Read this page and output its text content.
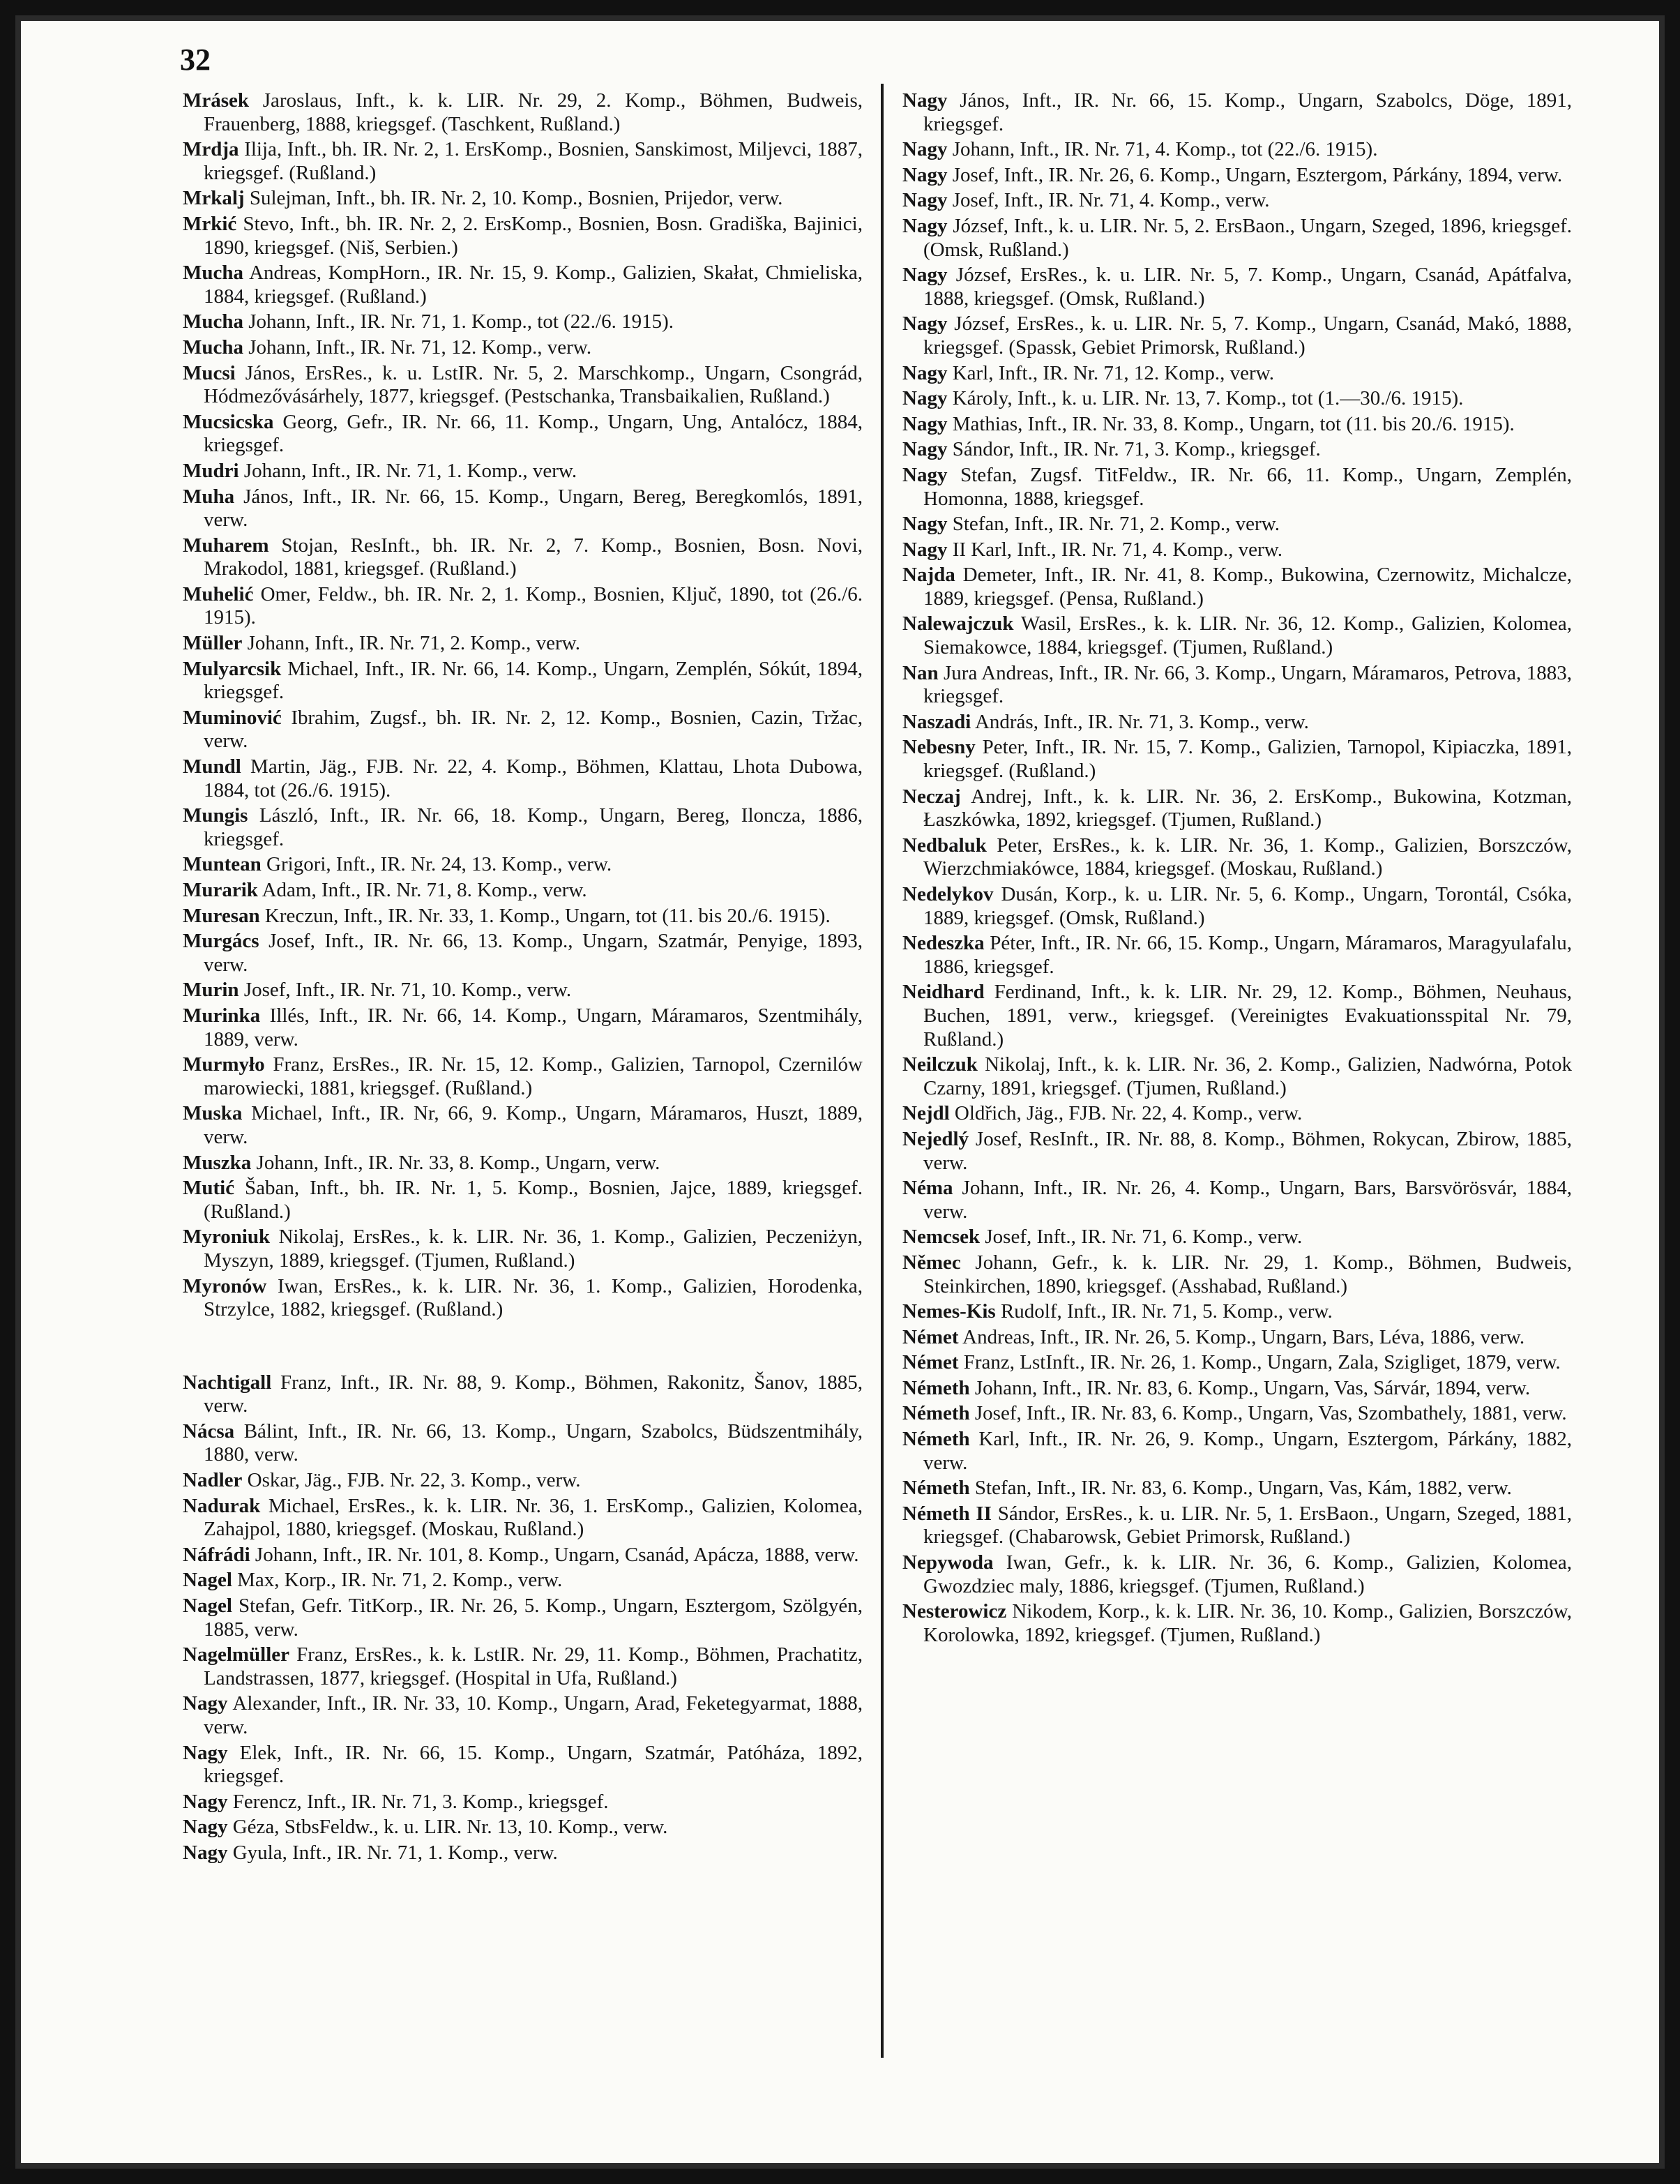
32
Mrásek Jaroslaus, Inft., k. k. LIR. Nr. 29, 2. Komp., Böhmen, Budweis, Frauenberg, 1888, kriegsgef. (Taschkent, Rußland.)
Mrdja Ilija, Inft., bh. IR. Nr. 2, 1. ErsKomp., Bosnien, Sanskimost, Miljevci, 1887, kriegsgef. (Rußland.)
Mrkalj Sulejman, Inft., bh. IR. Nr. 2, 10. Komp., Bosnien, Prijedor, verw.
Mrkić Stevo, Inft., bh. IR. Nr. 2, 2. ErsKomp., Bosnien, Bosn. Gradiška, Bajinici, 1890, kriegsgef. (Niš, Serbien.)
Mucha Andreas, KompHorn., IR. Nr. 15, 9. Komp., Galizien, Skałat, Chmieliska, 1884, kriegsgef. (Rußland.)
Mucha Johann, Inft., IR. Nr. 71, 1. Komp., tot (22./6. 1915).
Mucha Johann, Inft., IR. Nr. 71, 12. Komp., verw.
Mucsi János, ErsRes., k. u. LstIR. Nr. 5, 2. Marschkomp., Ungarn, Csongrád, Hódmezővásárhely, 1877, kriegsgef. (Pestschanka, Transbaikalien, Rußland.)
Mucsicska Georg, Gefr., IR. Nr. 66, 11. Komp., Ungarn, Ung, Antalócz, 1884, kriegsgef.
Mudri Johann, Inft., IR. Nr. 71, 1. Komp., verw.
Muha János, Inft., IR. Nr. 66, 15. Komp., Ungarn, Bereg, Beregkomlós, 1891, verw.
Muharem Stojan, ResInft., bh. IR. Nr. 2, 7. Komp., Bosnien, Bosn. Novi, Mrakodol, 1881, kriegsgef. (Rußland.)
Muhelić Omer, Feldw., bh. IR. Nr. 2, 1. Komp., Bosnien, Ključ, 1890, tot (26./6. 1915).
Müller Johann, Inft., IR. Nr. 71, 2. Komp., verw.
Mulyarcsik Michael, Inft., IR. Nr. 66, 14. Komp., Ungarn, Zemplén, Sókút, 1894, kriegsgef.
Muminović Ibrahim, Zugsf., bh. IR. Nr. 2, 12. Komp., Bosnien, Cazin, Tržac, verw.
Mundl Martin, Jäg., FJB. Nr. 22, 4. Komp., Böhmen, Klattau, Lhota Dubowa, 1884, tot (26./6. 1915).
Mungis László, Inft., IR. Nr. 66, 18. Komp., Ungarn, Bereg, Iloncza, 1886, kriegsgef.
Muntean Grigori, Inft., IR. Nr. 24, 13. Komp., verw.
Murarik Adam, Inft., IR. Nr. 71, 8. Komp., verw.
Muresan Kreczun, Inft., IR. Nr. 33, 1. Komp., Ungarn, tot (11. bis 20./6. 1915).
Murgács Josef, Inft., IR. Nr. 66, 13. Komp., Ungarn, Szatmár, Penyige, 1893, verw.
Murin Josef, Inft., IR. Nr. 71, 10. Komp., verw.
Murinka Illés, Inft., IR. Nr. 66, 14. Komp., Ungarn, Máramaros, Szentmihály, 1889, verw.
Murmyło Franz, ErsRes., IR. Nr. 15, 12. Komp., Galizien, Tarnopol, Czernilów marowiecki, 1881, kriegsgef. (Rußland.)
Muska Michael, Inft., IR. Nr, 66, 9. Komp., Ungarn, Máramaros, Huszt, 1889, verw.
Muszka Johann, Inft., IR. Nr. 33, 8. Komp., Ungarn, verw.
Mutić Šaban, Inft., bh. IR. Nr. 1, 5. Komp., Bosnien, Jajce, 1889, kriegsgef. (Rußland.)
Myroniuk Nikolaj, ErsRes., k. k. LIR. Nr. 36, 1. Komp., Galizien, Peczeniżyn, Myszyn, 1889, kriegsgef. (Tjumen, Rußland.)
Myronów Iwan, ErsRes., k. k. LIR. Nr. 36, 1. Komp., Galizien, Horodenka, Strzylce, 1882, kriegsgef. (Rußland.)
Nachtigall Franz, Inft., IR. Nr. 88, 9. Komp., Böhmen, Rakonitz, Šanov, 1885, verw.
Nácsa Bálint, Inft., IR. Nr. 66, 13. Komp., Ungarn, Szabolcs, Büdszentmihály, 1880, verw.
Nadler Oskar, Jäg., FJB. Nr. 22, 3. Komp., verw.
Nadurak Michael, ErsRes., k. k. LIR. Nr. 36, 1. ErsKomp., Galizien, Kolomea, Zahajpol, 1880, kriegsgef. (Moskau, Rußland.)
Náfrádi Johann, Inft., IR. Nr. 101, 8. Komp., Ungarn, Csanád, Apácza, 1888, verw.
Nagel Max, Korp., IR. Nr. 71, 2. Komp., verw.
Nagel Stefan, Gefr. TitKorp., IR. Nr. 26, 5. Komp., Ungarn, Esztergom, Szölgyén, 1885, verw.
Nagelmüller Franz, ErsRes., k. k. LstIR. Nr. 29, 11. Komp., Böhmen, Prachatitz, Landstrassen, 1877, kriegsgef. (Hospital in Ufa, Rußland.)
Nagy Alexander, Inft., IR. Nr. 33, 10. Komp., Ungarn, Arad, Feketegyarmat, 1888, verw.
Nagy Elek, Inft., IR. Nr. 66, 15. Komp., Ungarn, Szatmár, Patóháza, 1892, kriegsgef.
Nagy Ferencz, Inft., IR. Nr. 71, 3. Komp., kriegsgef.
Nagy Géza, StbsFeldw., k. u. LIR. Nr. 13, 10. Komp., verw.
Nagy Gyula, Inft., IR. Nr. 71, 1. Komp., verw.
Nagy János, Inft., IR. Nr. 66, 15. Komp., Ungarn, Szabolcs, Döge, 1891, kriegsgef.
Nagy Johann, Inft., IR. Nr. 71, 4. Komp., tot (22./6. 1915).
Nagy Josef, Inft., IR. Nr. 26, 6. Komp., Ungarn, Esztergom, Párkány, 1894, verw.
Nagy Josef, Inft., IR. Nr. 71, 4. Komp., verw.
Nagy József, Inft., k. u. LIR. Nr. 5, 2. ErsBaon., Ungarn, Szeged, 1896, kriegsgef. (Omsk, Rußland.)
Nagy József, ErsRes., k. u. LIR. Nr. 5, 7. Komp., Ungarn, Csanád, Apátfalva, 1888, kriegsgef. (Omsk, Rußland.)
Nagy József, ErsRes., k. u. LIR. Nr. 5, 7. Komp., Ungarn, Csanád, Makó, 1888, kriegsgef. (Spassk, Gebiet Primorsk, Rußland.)
Nagy Karl, Inft., IR. Nr. 71, 12. Komp., verw.
Nagy Károly, Inft., k. u. LIR. Nr. 13, 7. Komp., tot (1.—30./6. 1915).
Nagy Mathias, Inft., IR. Nr. 33, 8. Komp., Ungarn, tot (11. bis 20./6. 1915).
Nagy Sándor, Inft., IR. Nr. 71, 3. Komp., kriegsgef.
Nagy Stefan, Zugsf. TitFeldw., IR. Nr. 66, 11. Komp., Ungarn, Zemplén, Homonna, 1888, kriegsgef.
Nagy Stefan, Inft., IR. Nr. 71, 2. Komp., verw.
Nagy II Karl, Inft., IR. Nr. 71, 4. Komp., verw.
Najda Demeter, Inft., IR. Nr. 41, 8. Komp., Bukowina, Czernowitz, Michalcze, 1889, kriegsgef. (Pensa, Rußland.)
Nalewajczuk Wasil, ErsRes., k. k. LIR. Nr. 36, 12. Komp., Galizien, Kolomea, Siemakowce, 1884, kriegsgef. (Tjumen, Rußland.)
Nan Jura Andreas, Inft., IR. Nr. 66, 3. Komp., Ungarn, Máramaros, Petrova, 1883, kriegsgef.
Naszadi András, Inft., IR. Nr. 71, 3. Komp., verw.
Nebesny Peter, Inft., IR. Nr. 15, 7. Komp., Galizien, Tarnopol, Kipiaczka, 1891, kriegsgef. (Rußland.)
Neczaj Andrej, Inft., k. k. LIR. Nr. 36, 2. ErsKomp., Bukowina, Kotzman, Łaszkówka, 1892, kriegsgef. (Tjumen, Rußland.)
Nedbaluk Peter, ErsRes., k. k. LIR. Nr. 36, 1. Komp., Galizien, Borszczów, Wierzchmiakówce, 1884, kriegsgef. (Moskau, Rußland.)
Nedelykov Dusán, Korp., k. u. LIR. Nr. 5, 6. Komp., Ungarn, Torontál, Csóka, 1889, kriegsgef. (Omsk, Rußland.)
Nedeszka Péter, Inft., IR. Nr. 66, 15. Komp., Ungarn, Máramaros, Maragyulafalu, 1886, kriegsgef.
Neidhard Ferdinand, Inft., k. k. LIR. Nr. 29, 12. Komp., Böhmen, Neuhaus, Buchen, 1891, verw., kriegsgef. (Vereinigtes Evakuationsspital Nr. 79, Rußland.)
Neilczuk Nikolaj, Inft., k. k. LIR. Nr. 36, 2. Komp., Galizien, Nadwórna, Potok Czarny, 1891, kriegsgef. (Tjumen, Rußland.)
Nejdl Oldřich, Jäg., FJB. Nr. 22, 4. Komp., verw.
Nejedlý Josef, ResInft., IR. Nr. 88, 8. Komp., Böhmen, Rokycan, Zbirow, 1885, verw.
Néma Johann, Inft., IR. Nr. 26, 4. Komp., Ungarn, Bars, Barsvörösvár, 1884, verw.
Nemcsek Josef, Inft., IR. Nr. 71, 6. Komp., verw.
Němec Johann, Gefr., k. k. LIR. Nr. 29, 1. Komp., Böhmen, Budweis, Steinkirchen, 1890, kriegsgef. (Asshabad, Rußland.)
Nemes-Kis Rudolf, Inft., IR. Nr. 71, 5. Komp., verw.
Német Andreas, Inft., IR. Nr. 26, 5. Komp., Ungarn, Bars, Léva, 1886, verw.
Német Franz, LstInft., IR. Nr. 26, 1. Komp., Ungarn, Zala, Szigliget, 1879, verw.
Németh Johann, Inft., IR. Nr. 83, 6. Komp., Ungarn, Vas, Sárvár, 1894, verw.
Németh Josef, Inft., IR. Nr. 83, 6. Komp., Ungarn, Vas, Szombathely, 1881, verw.
Németh Karl, Inft., IR. Nr. 26, 9. Komp., Ungarn, Esztergom, Párkány, 1882, verw.
Németh Stefan, Inft., IR. Nr. 83, 6. Komp., Ungarn, Vas, Kám, 1882, verw.
Németh II Sándor, ErsRes., k. u. LIR. Nr. 5, 1. ErsBaon., Ungarn, Szeged, 1881, kriegsgef. (Chabarowsk, Gebiet Primorsk, Rußland.)
Nepywoda Iwan, Gefr., k. k. LIR. Nr. 36, 6. Komp., Galizien, Kolomea, Gwozdziec maly, 1886, kriegsgef. (Tjumen, Rußland.)
Nesterowicz Nikodem, Korp., k. k. LIR. Nr. 36, 10. Komp., Galizien, Borszczów, Korolowka, 1892, kriegsgef. (Tjumen, Rußland.)
